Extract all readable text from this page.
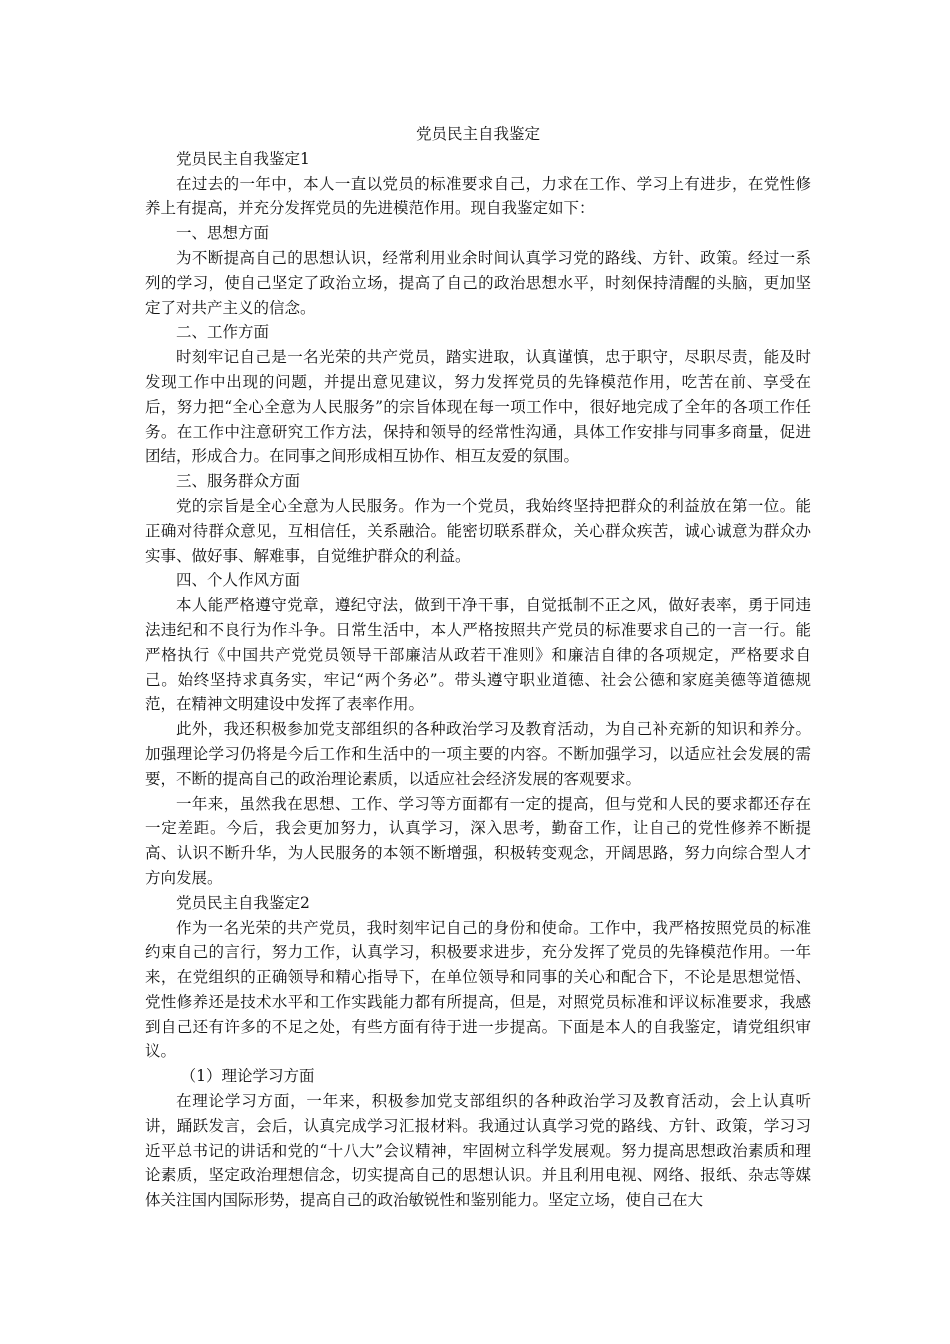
党员民主自我鉴定

党员民主自我鉴定1

在过去的一年中，本人一直以党员的标准要求自己，力求在工作、学习上有进步，在党性修养上有提高，并充分发挥党员的先进模范作用。现自我鉴定如下：

一、思想方面

为不断提高自己的思想认识，经常利用业余时间认真学习党的路线、方针、政策。经过一系列的学习，使自己坚定了政治立场，提高了自己的政治思想水平，时刻保持清醒的头脑，更加坚定了对共产主义的信念。

二、工作方面

时刻牢记自己是一名光荣的共产党员，踏实进取，认真谨慎，忠于职守，尽职尽责，能及时发现工作中出现的问题，并提出意见建议，努力发挥党员的先锋模范作用，吃苦在前、享受在后，努力把“全心全意为人民服务”的宗旨体现在每一项工作中，很好地完成了全年的各项工作任务。在工作中注意研究工作方法，保持和领导的经常性沟通，具体工作安排与同事多商量，促进团结，形成合力。在同事之间形成相互协作、相互友爱的氛围。

三、服务群众方面

党的宗旨是全心全意为人民服务。作为一个党员，我始终坚持把群众的利益放在第一位。能正确对待群众意见，互相信任，关系融洽。能密切联系群众，关心群众疾苦，诚心诚意为群众办实事、做好事、解难事，自觉维护群众的利益。

四、个人作风方面

本人能严格遵守党章，遵纪守法，做到干净干事，自觉抵制不正之风，做好表率，勇于同违法违纪和不良行为作斗争。日常生活中，本人严格按照共产党员的标准要求自己的一言一行。能严格执行《中国共产党党员领导干部廉洁从政若干准则》和廉洁自律的各项规定，严格要求自己。始终坚持求真务实，牢记“两个务必”。带头遵守职业道德、社会公德和家庭美德等道德规范，在精神文明建设中发挥了表率作用。

此外，我还积极参加党支部组织的各种政治学习及教育活动，为自己补充新的知识和养分。加强理论学习仍将是今后工作和生活中的一项主要的内容。不断加强学习，以适应社会发展的需要，不断的提高自己的政治理论素质，以适应社会经济发展的客观要求。

一年来，虽然我在思想、工作、学习等方面都有一定的提高，但与党和人民的要求都还存在一定差距。今后，我会更加努力，认真学习，深入思考，勤奋工作，让自己的党性修养不断提高、认识不断升华，为人民服务的本领不断增强，积极转变观念，开阔思路，努力向综合型人才方向发展。

党员民主自我鉴定2

作为一名光荣的共产党员，我时刻牢记自己的身份和使命。工作中，我严格按照党员的标准约束自己的言行，努力工作，认真学习，积极要求进步，充分发挥了党员的先锋模范作用。一年来，在党组织的正确领导和精心指导下，在单位领导和同事的关心和配合下，不论是思想觉悟、党性修养还是技术水平和工作实践能力都有所提高，但是，对照党员标准和评议标准要求，我感到自己还有许多的不足之处，有些方面有待于进一步提高。下面是本人的自我鉴定，请党组织审议。

（1）理论学习方面

在理论学习方面，一年来，积极参加党支部组织的各种政治学习及教育活动，会上认真听讲，踊跃发言，会后，认真完成学习汇报材料。我通过认真学习党的路线、方针、政策，学习习近平总书记的讲话和党的“十八大”会议精神，牢固树立科学发展观。努力提高思想政治素质和理论素质，坚定政治理想信念，切实提高自己的思想认识。并且利用电视、网络、报纸、杂志等媒体关注国内国际形势，提高自己的政治敏锐性和鉴别能力。坚定立场，使自己在大
